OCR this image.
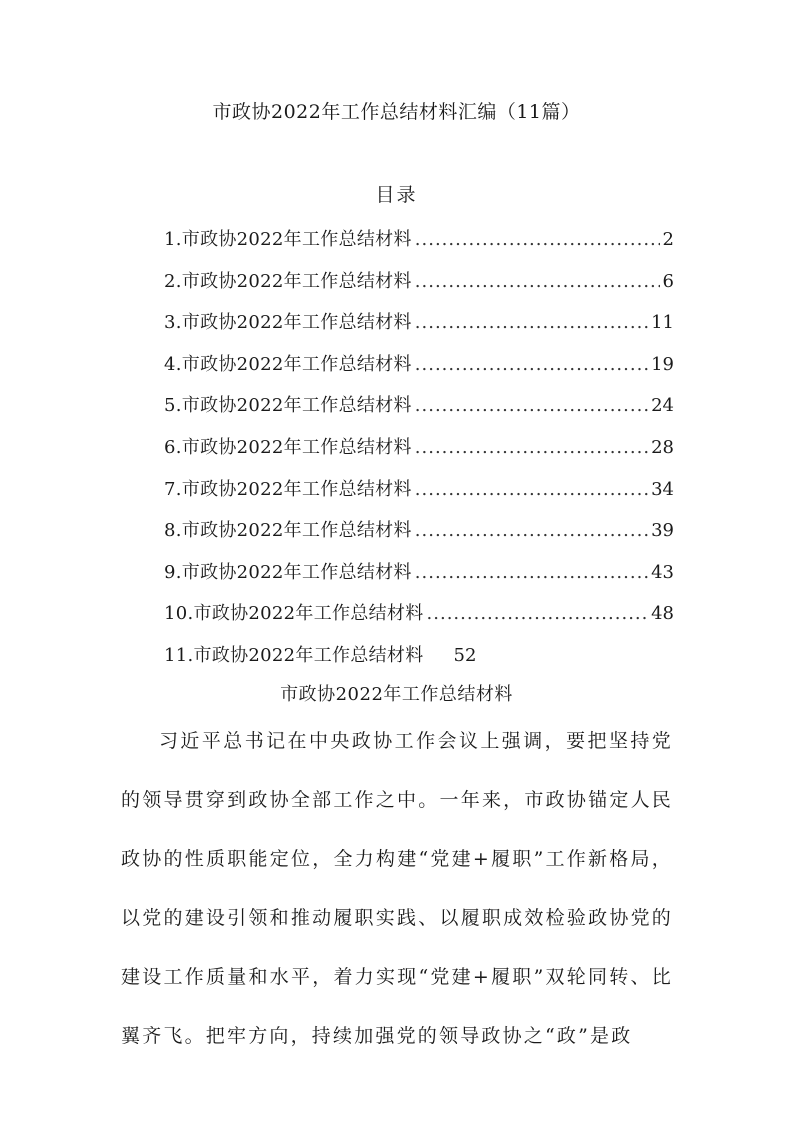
市政协2022年工作总结材料汇编（11篇）
目录
1.市政协2022年工作总结材料 .....	2
2.市政协2022年工作总结材料 .....	6
3.市政协2022年工作总结材料 .....	11
4.市政协2022年工作总结材料 .....	19
5.市政协2022年工作总结材料 .....	24
6.市政协2022年工作总结材料 .....	28
7.市政协2022年工作总结材料 .....	34
8.市政协2022年工作总结材料 .....	39
9.市政协2022年工作总结材料 .....	43
10.市政协2022年工作总结材料 .....	48
11.市政协2022年工作总结材料 52
市政协2022年工作总结材料

习近平总书记在中央政协工作会议上强调，要把坚持党的领导贯穿到政协全部工作之中。一年来，市政协锚定人民政协的性质职能定位，全力构建“党建+履职”工作新格局，以党的建设引领和推动履职实践、以履职成效检验政协党的建设工作质量和水平，着力实现“党建+履职”双轮同转、比翼齐飞。把牢方向，持续加强党的领导政协之“政”是政
